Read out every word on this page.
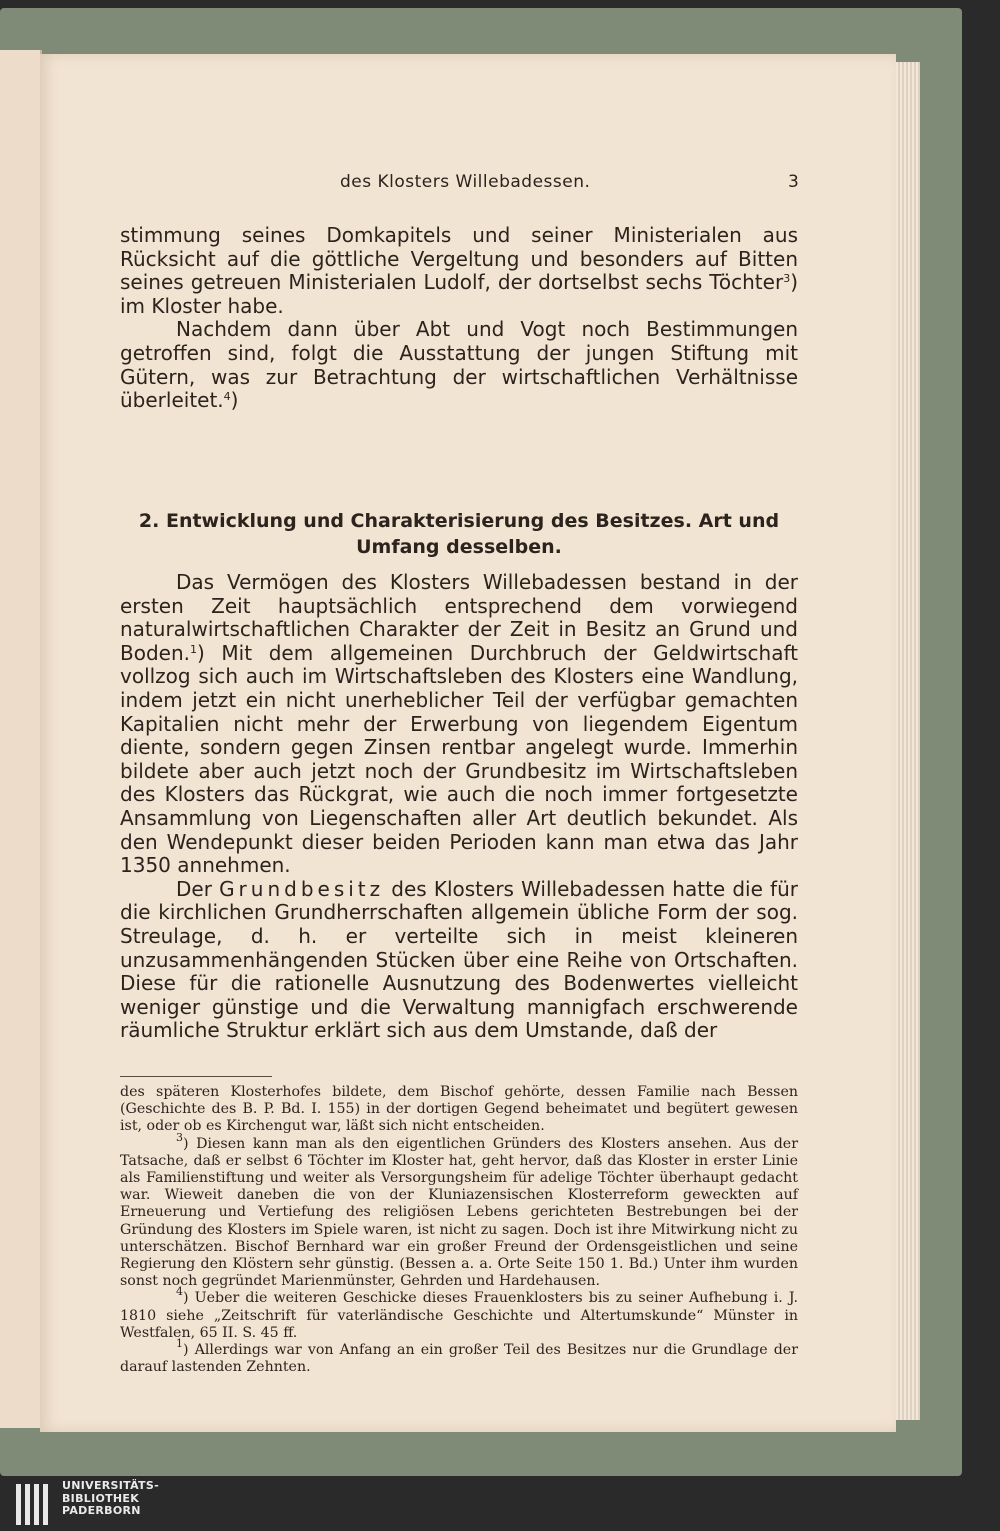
des Klosters Willebadessen.	3

stimmung seines Domkapitels und seiner Ministerialen aus Rücksicht auf die göttliche Vergeltung und besonders auf Bitten seines getreuen Ministerialen Ludolf, der dortselbst sechs Töchter$^3$) im Kloster habe.

Nachdem dann über Abt und Vogt noch Bestimmungen getroffen sind, folgt die Ausstattung der jungen Stiftung mit Gütern, was zur Betrachtung der wirtschaftlichen Verhältnisse überleitet.$^4$)

2. Entwicklung und Charakterisierung des Besitzes. Art und Umfang desselben.

Das Vermögen des Klosters Willebadessen bestand in der ersten Zeit hauptsächlich entsprechend dem vorwiegend naturalwirtschaftlichen Charakter der Zeit in Besitz an Grund und Boden.$^1$) Mit dem allgemeinen Durchbruch der Geldwirtschaft vollzog sich auch im Wirtschaftsleben des Klosters eine Wandlung, indem jetzt ein nicht unerheblicher Teil der verfügbar gemachten Kapitalien nicht mehr der Erwerbung von liegendem Eigentum diente, sondern gegen Zinsen rentbar angelegt wurde. Immerhin bildete aber auch jetzt noch der Grundbesitz im Wirtschaftsleben des Klosters das Rückgrat, wie auch die noch immer fortgesetzte Ansammlung von Liegenschaften aller Art deutlich bekundet. Als den Wendepunkt dieser beiden Perioden kann man etwa das Jahr 1350 annehmen.

Der Grundbesitz des Klosters Willebadessen hatte die für die kirchlichen Grundherrschaften allgemein übliche Form der sog. Streulage, d. h. er verteilte sich in meist kleineren unzusammenhängenden Stücken über eine Reihe von Ortschaften. Diese für die rationelle Ausnutzung des Bodenwertes vielleicht weniger günstige und die Verwaltung mannigfach erschwerende räumliche Struktur erklärt sich aus dem Umstande, daß der

des späteren Klosterhofes bildete, dem Bischof gehörte, dessen Familie nach Bessen (Geschichte des B. P. Bd. I. 155) in der dortigen Gegend beheimatet und begütert gewesen ist, oder ob es Kirchengut war, läßt sich nicht entscheiden.

$^3$) Diesen kann man als den eigentlichen Gründers des Klosters ansehen. Aus der Tatsache, daß er selbst 6 Töchter im Kloster hat, geht hervor, daß das Kloster in erster Linie als Familienstiftung und weiter als Versorgungsheim für adelige Töchter überhaupt gedacht war. Wieweit daneben die von der Kluniazensischen Klosterreform geweckten auf Erneuerung und Vertiefung des religiösen Lebens gerichteten Bestrebungen bei der Gründung des Klosters im Spiele waren, ist nicht zu sagen. Doch ist ihre Mitwirkung nicht zu unterschätzen. Bischof Bernhard war ein großer Freund der Ordensgeistlichen und seine Regierung den Klöstern sehr günstig. (Bessen a. a. Orte Seite 150 1. Bd.) Unter ihm wurden sonst noch gegründet Marienmünster, Gehrden und Hardehausen.

$^4$) Ueber die weiteren Geschicke dieses Frauenklosters bis zu seiner Aufhebung i. J. 1810 siehe „Zeitschrift für vaterländische Geschichte und Altertumskunde“ Münster in Westfalen, 65 II. S. 45 ff.

$^1$) Allerdings war von Anfang an ein großer Teil des Besitzes nur die Grundlage der darauf lastenden Zehnten.

UNIVERSITÄTS-
BIBLIOTHEK
PADERBORN
